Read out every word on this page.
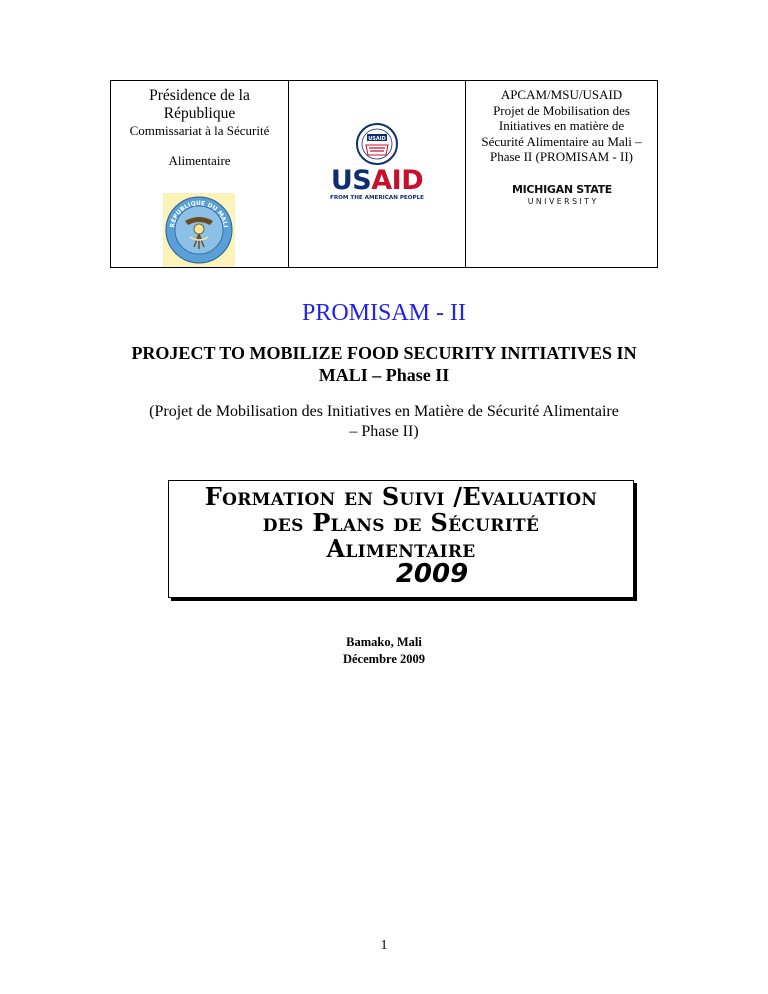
Présidence de la
République
Commissariat à la Sécurité
Alimentaire
RÉPUBLIQUE DU MALI

USAID
USAID
FROM THE AMERICAN PEOPLE

APCAM/MSU/USAID
Projet de Mobilisation des
Initiatives en matière de
Sécurité Alimentaire au Mali –
Phase II (PROMISAM - II)
MICHIGAN STATE
U N I V E R S I T Y
PROMISAM - II
PROJECT TO MOBILIZE FOOD SECURITY INITIATIVES IN
MALI – Phase II
(Projet de Mobilisation des Initiatives en Matière de Sécurité Alimentaire
– Phase II)
Formation en Suivi /Evaluation
des Plans de Sécurité
Alimentaire
2009
Bamako, Mali
Décembre 2009
1
